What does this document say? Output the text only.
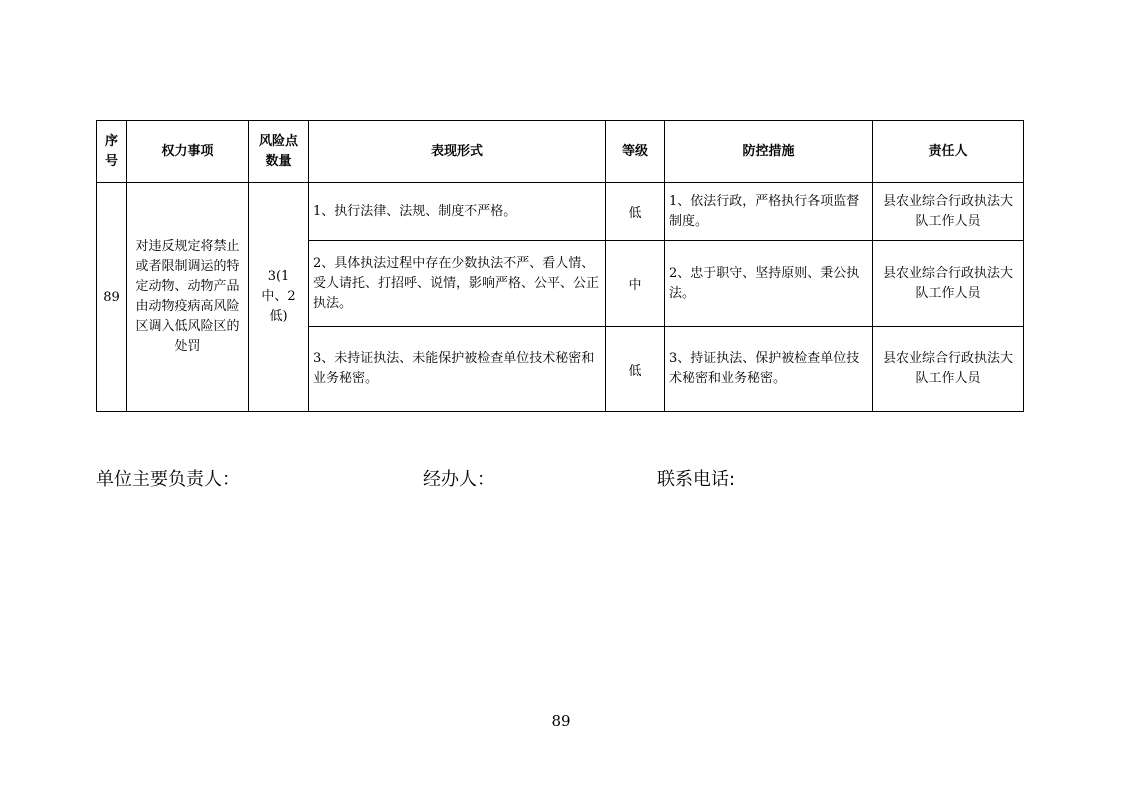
序号	权力事项	风险点数量	表现形式	等级	防控措施	责任人
89	对违反规定将禁止或者限制调运的特定动物、动物产品由动物疫病高风险区调入低风险区的处罚	3(1中、2低)	1、执行法律、法规、制度不严格。	低	1、依法行政，严格执行各项监督制度。	县农业综合行政执法大队工作人员
			2、具体执法过程中存在少数执法不严、看人情、受人请托、打招呼、说情，影响严格、公平、公正执法。	中	2、忠于职守、坚持原则、秉公执法。	县农业综合行政执法大队工作人员
			3、未持证执法、未能保护被检查单位技术秘密和业务秘密。	低	3、持证执法、保护被检查单位技术秘密和业务秘密。	县农业综合行政执法大队工作人员
单位主要负责人：	经办人：	联系电话:
89
